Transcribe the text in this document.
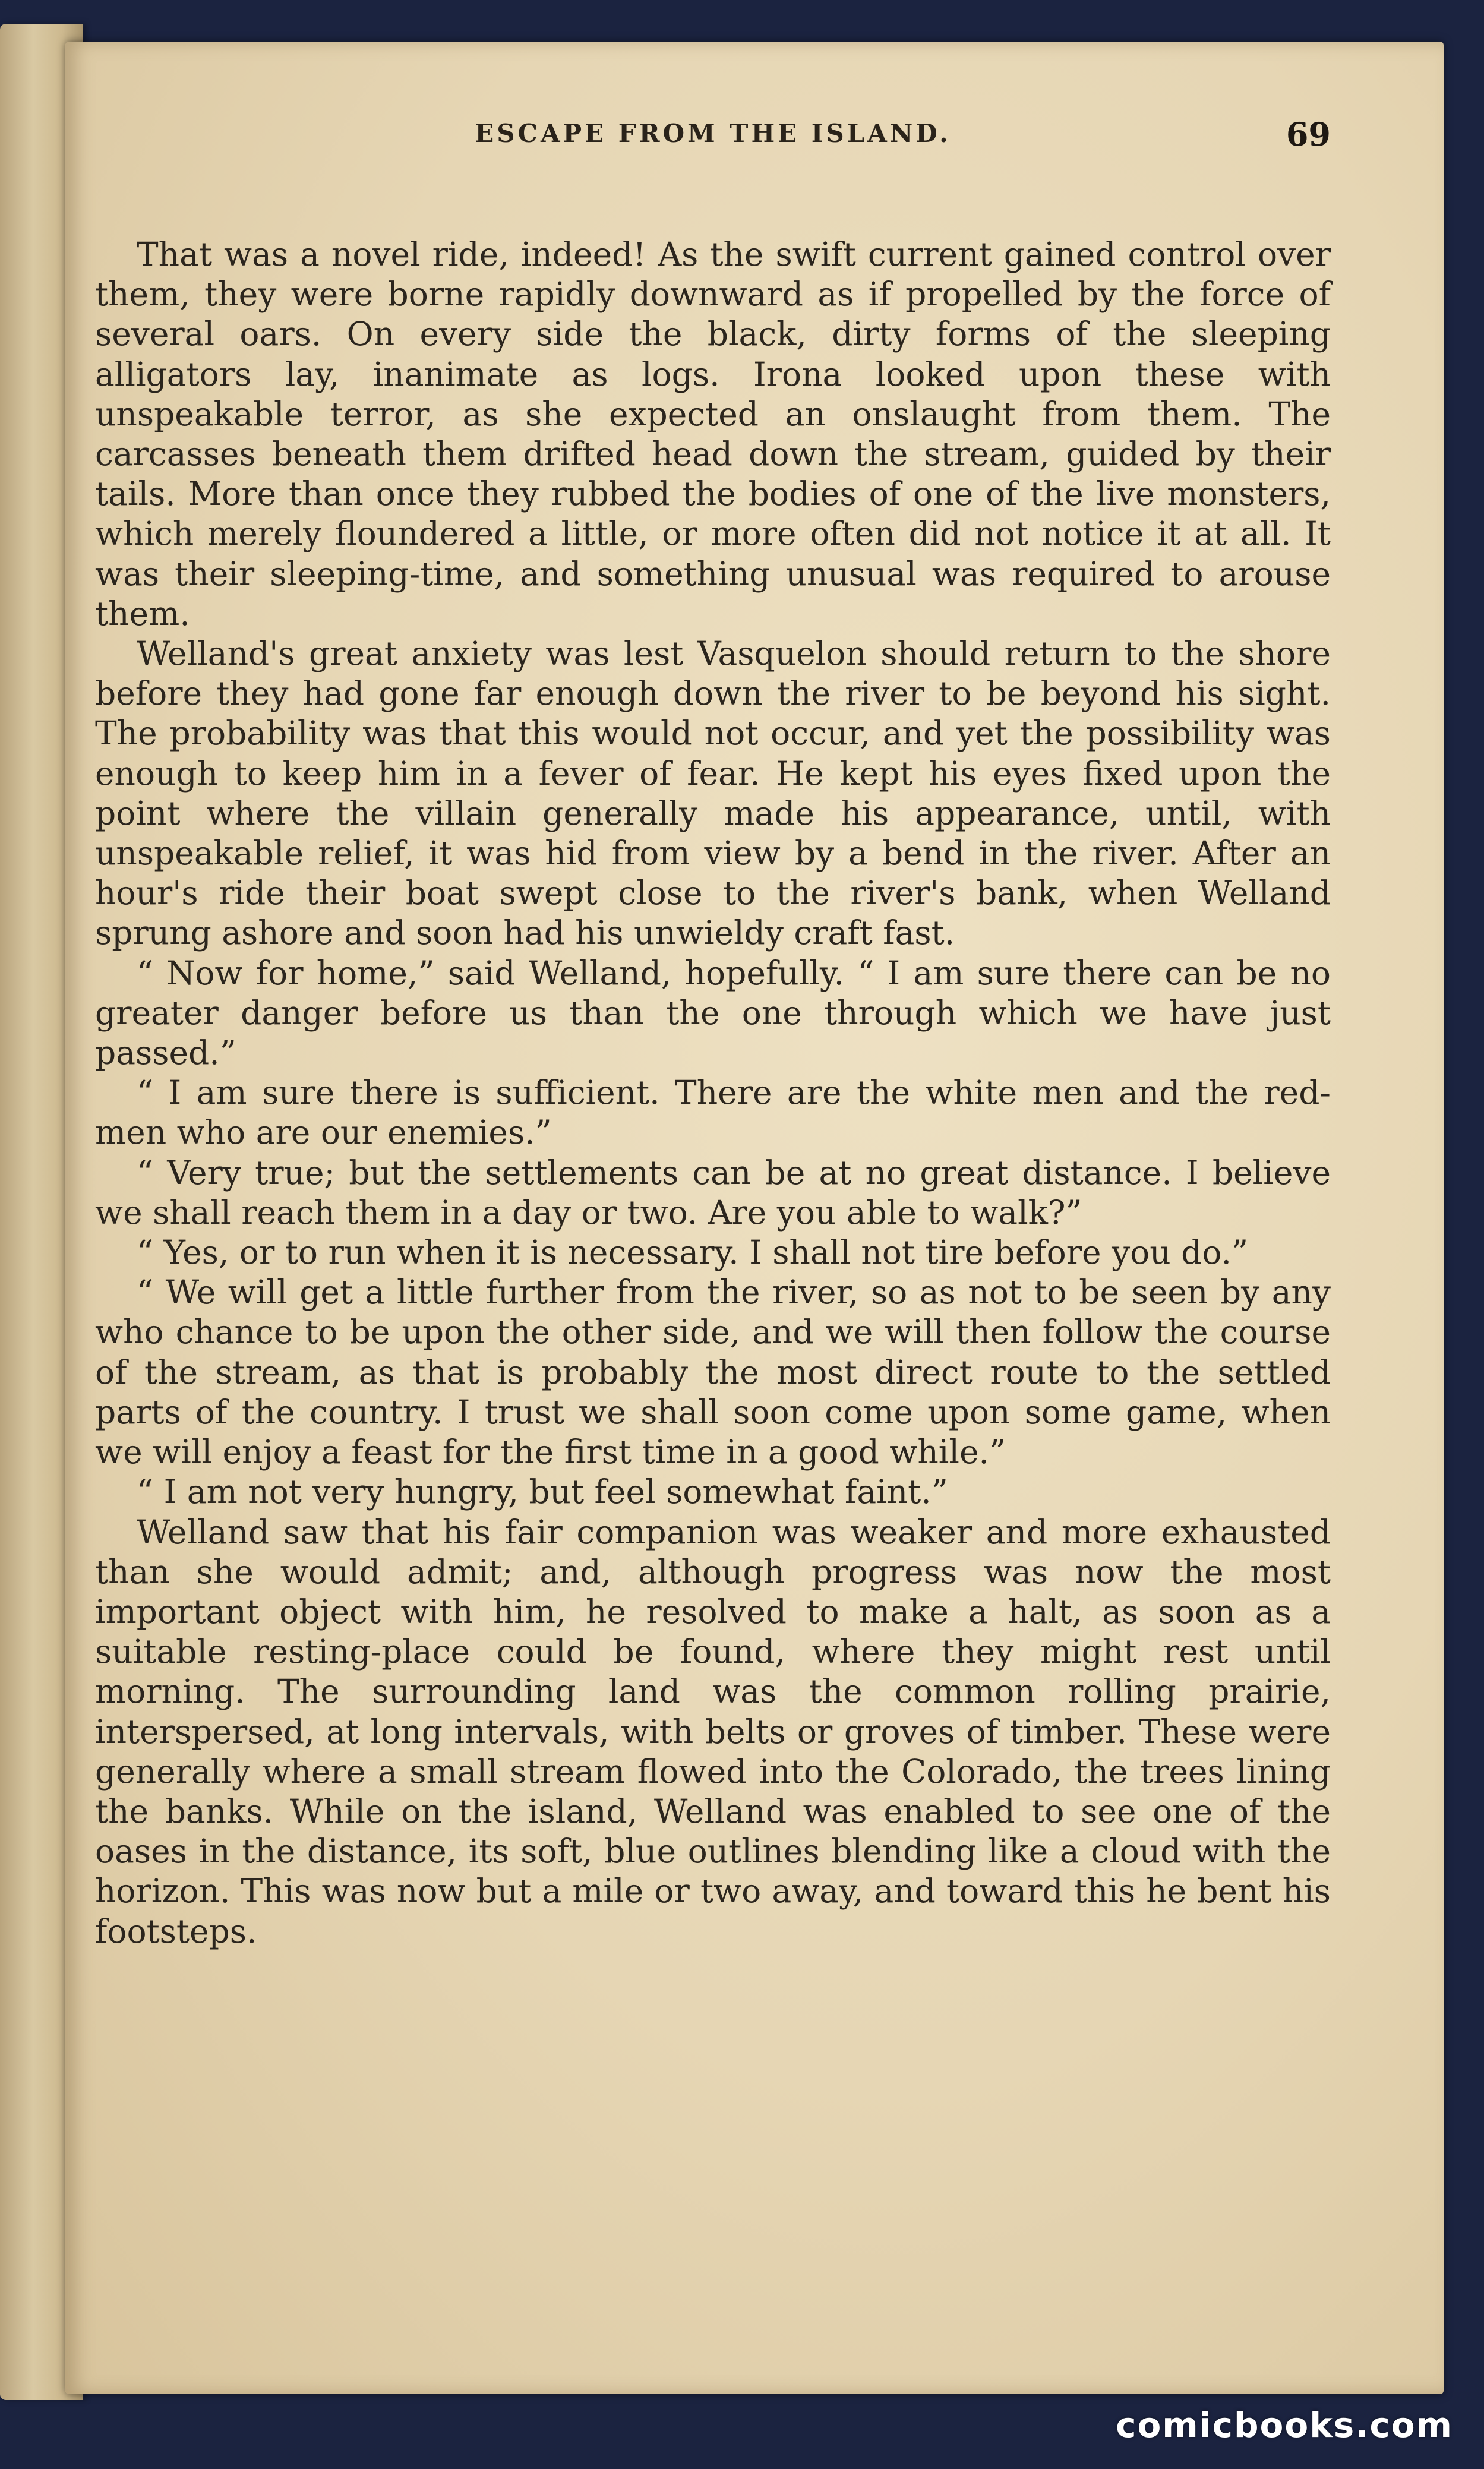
ESCAPE FROM THE ISLAND.	69

That was a novel ride, indeed! As the swift current gained control over them, they were borne rapidly downward as if propelled by the force of several oars. On every side the black, dirty forms of the sleeping alligators lay, inanimate as logs. Irona looked upon these with unspeakable terror, as she expected an onslaught from them. The carcasses beneath them drifted head down the stream, guided by their tails. More than once they rubbed the bodies of one of the live monsters, which merely floundered a little, or more often did not notice it at all. It was their sleeping-time, and something unusual was required to arouse them.

Welland's great anxiety was lest Vasquelon should return to the shore before they had gone far enough down the river to be beyond his sight. The probability was that this would not occur, and yet the possibility was enough to keep him in a fever of fear. He kept his eyes fixed upon the point where the villain generally made his appearance, until, with unspeakable relief, it was hid from view by a bend in the river. After an hour's ride their boat swept close to the river's bank, when Welland sprung ashore and soon had his unwieldy craft fast.

“ Now for home,” said Welland, hopefully. “ I am sure there can be no greater danger before us than the one through which we have just passed.”

“ I am sure there is sufficient. There are the white men and the red-men who are our enemies.”

“ Very true; but the settlements can be at no great distance. I believe we shall reach them in a day or two. Are you able to walk?”

“ Yes, or to run when it is necessary. I shall not tire before you do.”

“ We will get a little further from the river, so as not to be seen by any who chance to be upon the other side, and we will then follow the course of the stream, as that is probably the most direct route to the settled parts of the country. I trust we shall soon come upon some game, when we will enjoy a feast for the first time in a good while.”

“ I am not very hungry, but feel somewhat faint.”

Welland saw that his fair companion was weaker and more exhausted than she would admit; and, although progress was now the most important object with him, he resolved to make a halt, as soon as a suitable resting-place could be found, where they might rest until morning. The surrounding land was the common rolling prairie, interspersed, at long intervals, with belts or groves of timber. These were generally where a small stream flowed into the Colorado, the trees lining the banks. While on the island, Welland was enabled to see one of the oases in the distance, its soft, blue outlines blending like a cloud with the horizon. This was now but a mile or two away, and toward this he bent his footsteps.

comicbooks.com
